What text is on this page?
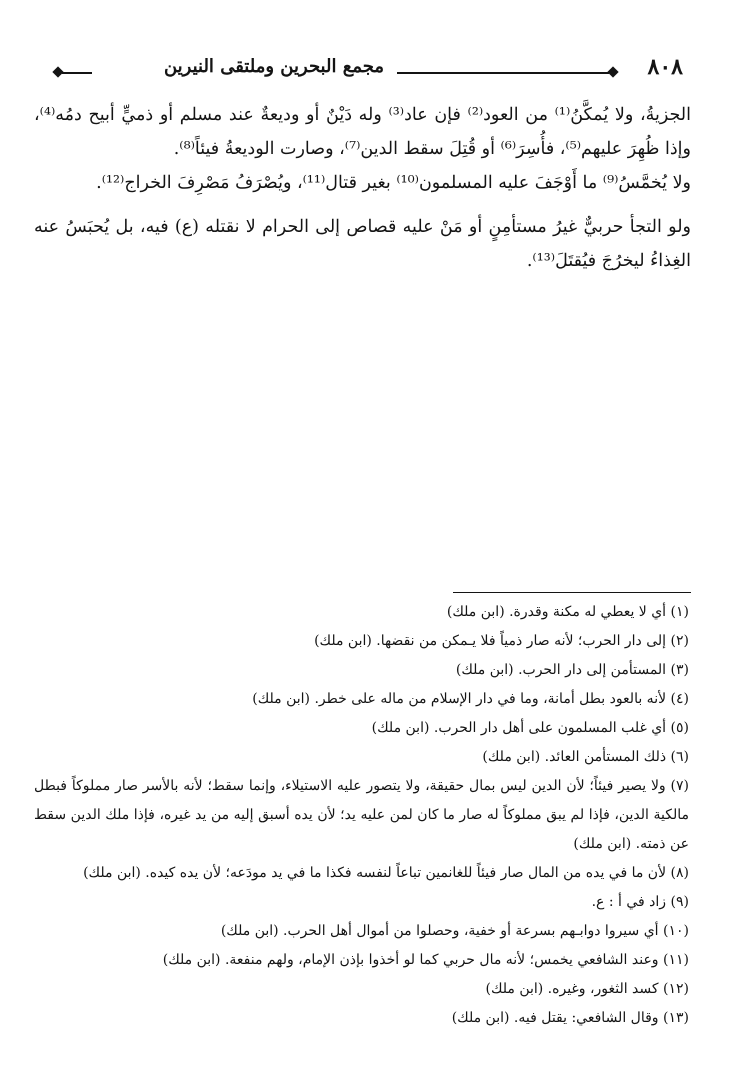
٨٠٨
مجمع البحرين وملتقى النيرين

الجزيةُ، ولا يُمكَّنُ⁽¹⁾ من العود⁽²⁾ فإن عاد⁽³⁾ وله دَيْنٌ أو وديعةٌ عند مسلم أو ذميٍّ أبيح دمُه⁽⁴⁾، وإذا ظُهِرَ عليهم⁽⁵⁾، فأُسِرَ⁽⁶⁾ أو قُتِلَ سقط الدين⁽⁷⁾، وصارت الوديعةُ فيئاً⁽⁸⁾.

ولا يُخمَّسُ⁽⁹⁾ ما أَوْجَفَ عليه المسلمون⁽¹⁰⁾ بغير قتال⁽¹¹⁾، ويُصْرَفُ مَصْرِفَ الخراج⁽¹²⁾.

ولو التجأ حربيٌّ غيرُ مستأمِنٍ أو مَنْ عليه قصاص إلى الحرام لا نقتله (ع) فيه، بل يُحبَسُ عنه الغِذاءُ ليخرُجَ فيُقتَلَ⁽¹³⁾.

(١) أي لا يعطي له مكنة وقدرة. (ابن ملك)

(٢) إلى دار الحرب؛ لأنه صار ذمياً فلا يـمكن من نقضها. (ابن ملك)

(٣) المستأمن إلى دار الحرب. (ابن ملك)

(٤) لأنه بالعود بطل أمانة، وما في دار الإسلام من ماله على خطر. (ابن ملك)

(٥) أي غلب المسلمون على أهل دار الحرب. (ابن ملك)

(٦) ذلك المستأمن العائد. (ابن ملك)

(٧) ولا يصير فيئاً؛ لأن الدين ليس بمال حقيقة، ولا يتصور عليه الاستيلاء، وإنما سقط؛ لأنه بالأسر صار مملوكاً فبطل مالكية الدين، فإذا لم يبق مملوكاً له صار ما كان لمن عليه يد؛ لأن يده أسبق إليه من يد غيره، فإذا ملك الدين سقط عن ذمته. (ابن ملك)

(٨) لأن ما في يده من المال صار فيئاً للغانمين تباعاً لنفسه فكذا ما في يد مودَعه؛ لأن يده كيده. (ابن ملك)

(٩) زاد في أ : ع.

(١٠) أي سيروا دوابـهم بسرعة أو خفية، وحصلوا من أموال أهل الحرب. (ابن ملك)

(١١) وعند الشافعي يخمس؛ لأنه مال حربي كما لو أخذوا بإذن الإمام، ولهم منفعة. (ابن ملك)

(١٢) كسد الثغور، وغيره. (ابن ملك)

(١٣) وقال الشافعي: يقتل فيه. (ابن ملك)
